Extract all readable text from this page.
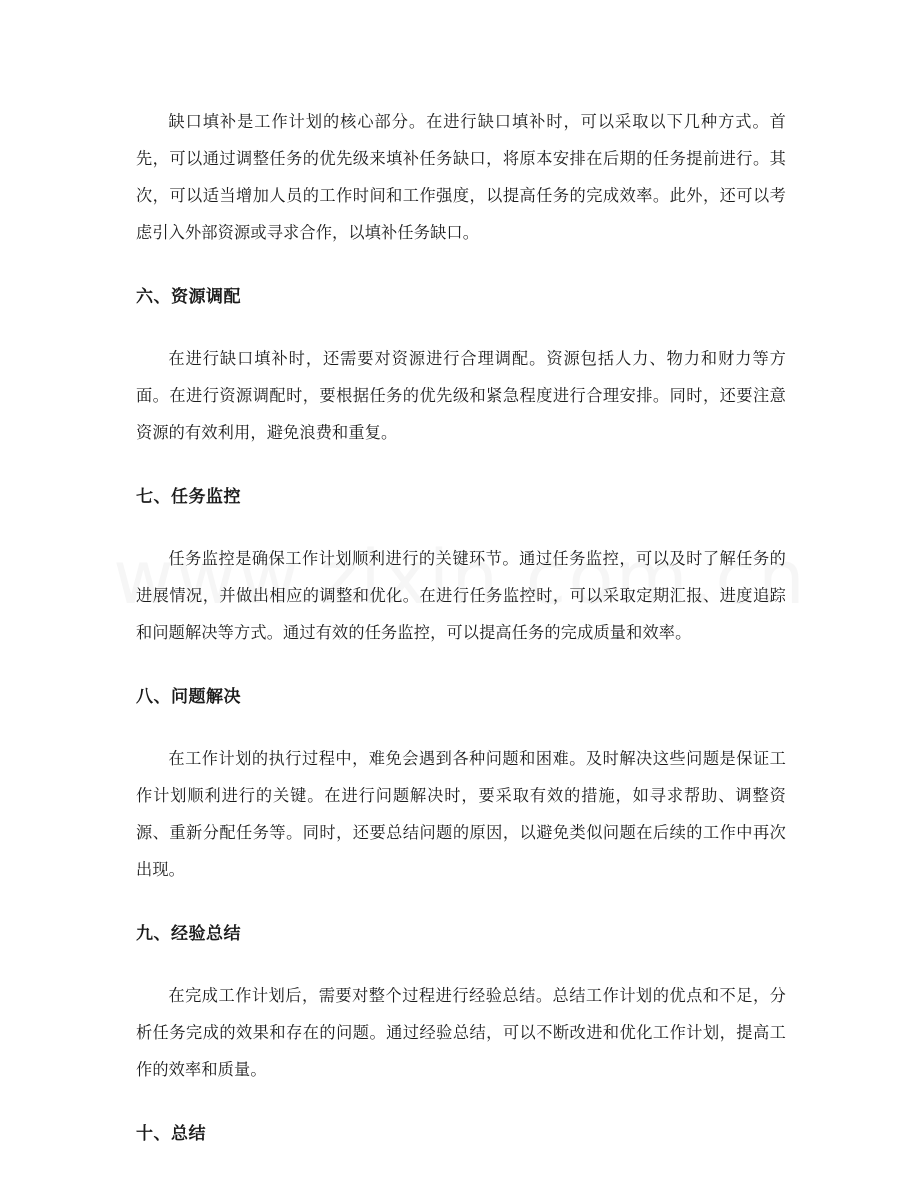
缺口填补是工作计划的核心部分。在进行缺口填补时，可以采取以下几种方式。首先，可以通过调整任务的优先级来填补任务缺口，将原本安排在后期的任务提前进行。其次，可以适当增加人员的工作时间和工作强度，以提高任务的完成效率。此外，还可以考虑引入外部资源或寻求合作，以填补任务缺口。

六、资源调配

在进行缺口填补时，还需要对资源进行合理调配。资源包括人力、物力和财力等方面。在进行资源调配时，要根据任务的优先级和紧急程度进行合理安排。同时，还要注意资源的有效利用，避免浪费和重复。

七、任务监控

任务监控是确保工作计划顺利进行的关键环节。通过任务监控，可以及时了解任务的进展情况，并做出相应的调整和优化。在进行任务监控时，可以采取定期汇报、进度追踪和问题解决等方式。通过有效的任务监控，可以提高任务的完成质量和效率。

八、问题解决

在工作计划的执行过程中，难免会遇到各种问题和困难。及时解决这些问题是保证工作计划顺利进行的关键。在进行问题解决时，要采取有效的措施，如寻求帮助、调整资源、重新分配任务等。同时，还要总结问题的原因，以避免类似问题在后续的工作中再次出现。

九、经验总结

在完成工作计划后，需要对整个过程进行经验总结。总结工作计划的优点和不足，分析任务完成的效果和存在的问题。通过经验总结，可以不断改进和优化工作计划，提高工作的效率和质量。

十、总结
